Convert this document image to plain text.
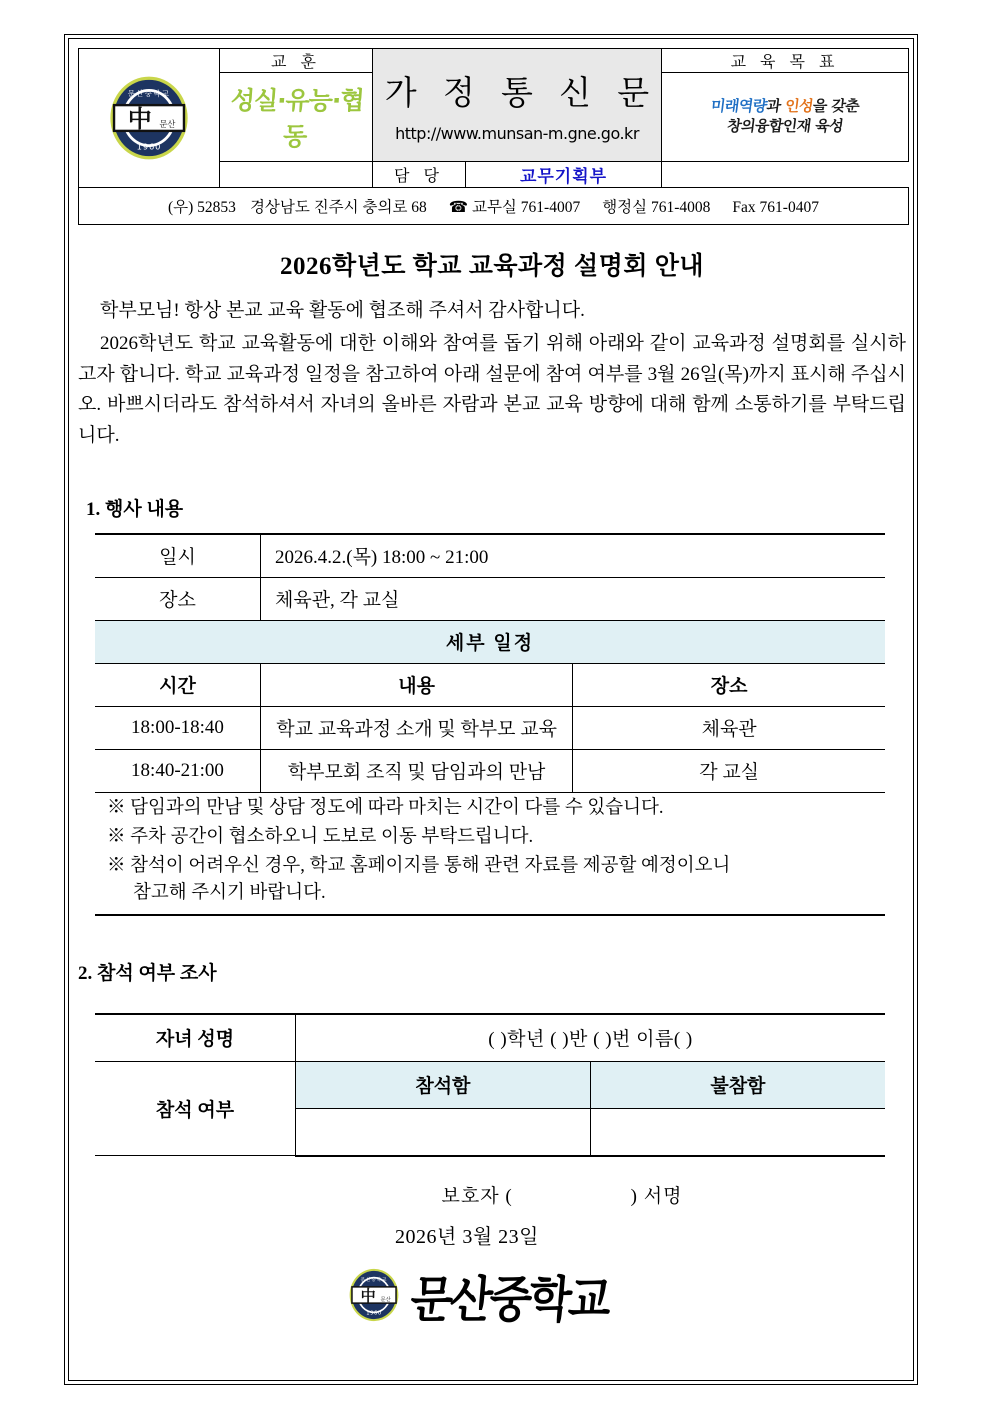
문산중학교
1960
中 문산
	교 훈	
가 정 통 신 문
http://www.munsan-m.gne.go.kr
	교 육 목 표
성실·유능·협동	
미래역량과 인성을 갖춘
창의융합인재 육성

담 당	교무기획부

(우) 52853 경상남도 진주시 충의로 68 ☎ 교무실 761-4007 행정실 761-4008 Fax 761-0407
2026학년도 학교 교육과정 설명회 안내

학부모님! 항상 본교 교육 활동에 협조해 주셔서 감사합니다.

2026학년도 학교 교육활동에 대한 이해와 참여를 돕기 위해 아래와 같이 교육과정 설명회를 실시하고자 합니다. 학교 교육과정 일정을 참고하여 아래 설문에 참여 여부를 3월 26일(목)까지 표시해 주십시오. 바쁘시더라도 참석하셔서 자녀의 올바른 자람과 본교 교육 방향에 대해 함께 소통하기를 부탁드립니다.

1. 행사 내용
일시	2026.4.2.(목) 18:00 ~ 21:00	
장소	체육관, 각 교실	
세부 일정		
시간	내용	장소
18:00-18:40	학교 교육과정 소개 및 학부모 교육	체육관
18:40-21:00	학부모회 조직 및 담임과의 만남	각 교실
※ 담임과의 만남 및 상담 정도에 따라 마치는 시간이 다를 수 있습니다.
※ 주차 공간이 협소하오니 도보로 이동 부탁드립니다.
※ 참석이 어려우신 경우, 학교 홈페이지를 통해 관련 자료를 제공할 예정이오니
참고해 주시기 바랍니다.
2. 참석 여부 조사
자녀 성명	( )학년 ( )반 ( )번 이름( )	
참석 여부	참석함	불참함

보호자 (	) 서명
2026년 3월 23일
문산중학교
1960
中 문산 문산중학교
